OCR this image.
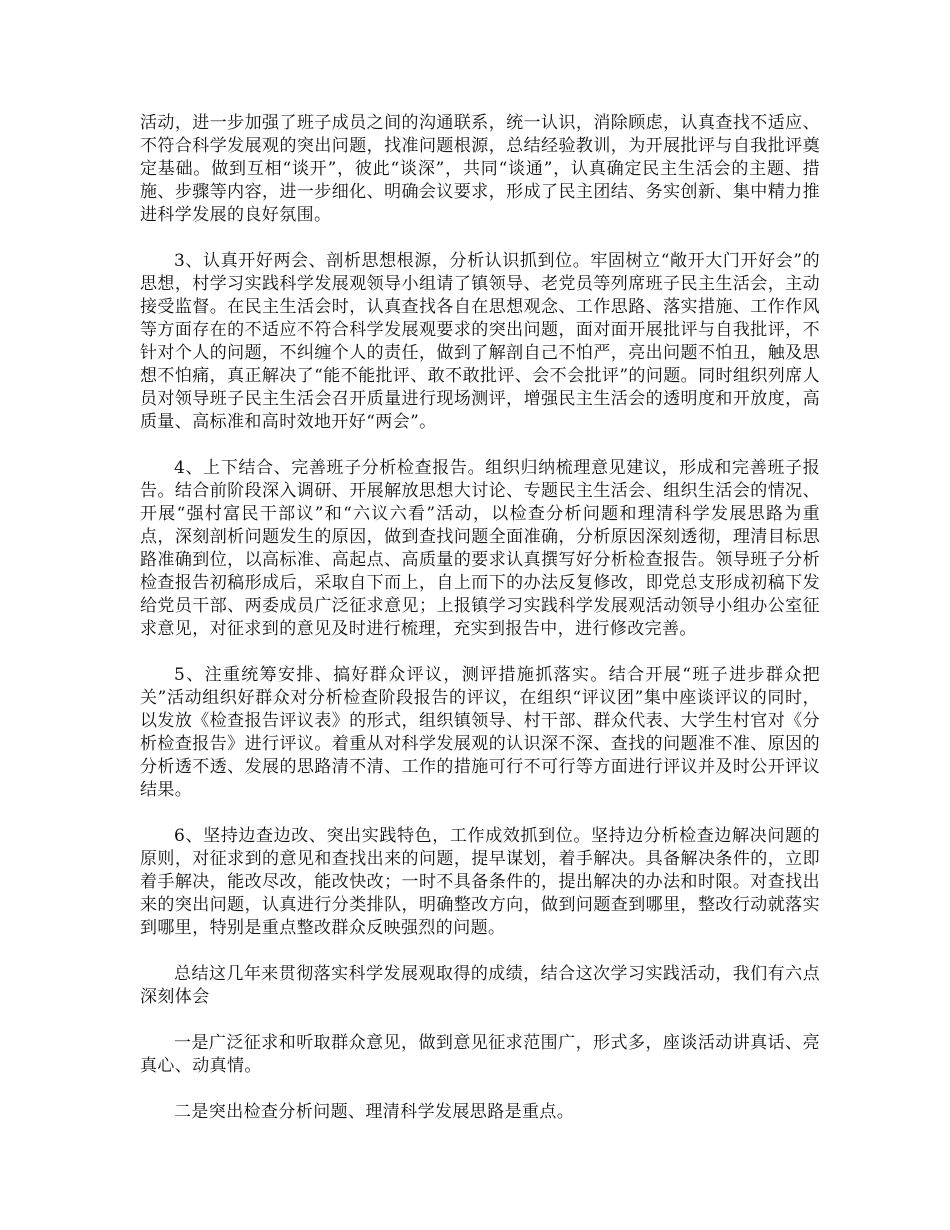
活动，进一步加强了班子成员之间的沟通联系，统一认识，消除顾虑，认真查找不适应、不符合科学发展观的突出问题，找准问题根源，总结经验教训，为开展批评与自我批评奠定基础。做到互相“谈开”，彼此“谈深”，共同“谈通”，认真确定民主生活会的主题、措施、步骤等内容，进一步细化、明确会议要求，形成了民主团结、务实创新、集中精力推进科学发展的良好氛围。

3、认真开好两会、剖析思想根源，分析认识抓到位。牢固树立“敞开大门开好会”的思想，村学习实践科学发展观领导小组请了镇领导、老党员等列席班子民主生活会，主动接受监督。在民主生活会时，认真查找各自在思想观念、工作思路、落实措施、工作作风等方面存在的不适应不符合科学发展观要求的突出问题，面对面开展批评与自我批评，不针对个人的问题，不纠缠个人的责任，做到了解剖自己不怕严，亮出问题不怕丑，触及思想不怕痛，真正解决了“能不能批评、敢不敢批评、会不会批评”的问题。同时组织列席人员对领导班子民主生活会召开质量进行现场测评，增强民主生活会的透明度和开放度，高质量、高标准和高时效地开好“两会”。

4、上下结合、完善班子分析检查报告。组织归纳梳理意见建议，形成和完善班子报告。结合前阶段深入调研、开展解放思想大讨论、专题民主生活会、组织生活会的情况、开展“强村富民干部议”和“六议六看”活动，以检查分析问题和理清科学发展思路为重点，深刻剖析问题发生的原因，做到查找问题全面准确，分析原因深刻透彻，理清目标思路准确到位，以高标准、高起点、高质量的要求认真撰写好分析检查报告。领导班子分析检查报告初稿形成后，采取自下而上，自上而下的办法反复修改，即党总支形成初稿下发给党员干部、两委成员广泛征求意见；上报镇学习实践科学发展观活动领导小组办公室征求意见，对征求到的意见及时进行梳理，充实到报告中，进行修改完善。

5、注重统筹安排、搞好群众评议，测评措施抓落实。结合开展“班子进步群众把关”活动组织好群众对分析检查阶段报告的评议，在组织“评议团”集中座谈评议的同时，以发放《检查报告评议表》的形式，组织镇领导、村干部、群众代表、大学生村官对《分析检查报告》进行评议。着重从对科学发展观的认识深不深、查找的问题准不准、原因的分析透不透、发展的思路清不清、工作的措施可行不可行等方面进行评议并及时公开评议结果。

6、坚持边查边改、突出实践特色，工作成效抓到位。坚持边分析检查边解决问题的原则，对征求到的意见和查找出来的问题，提早谋划，着手解决。具备解决条件的，立即着手解决，能改尽改，能改快改；一时不具备条件的，提出解决的办法和时限。对查找出来的突出问题，认真进行分类排队，明确整改方向，做到问题查到哪里，整改行动就落实到哪里，特别是重点整改群众反映强烈的问题。

总结这几年来贯彻落实科学发展观取得的成绩，结合这次学习实践活动，我们有六点深刻体会

一是广泛征求和听取群众意见，做到意见征求范围广，形式多，座谈活动讲真话、亮真心、动真情。

二是突出检查分析问题、理清科学发展思路是重点。
